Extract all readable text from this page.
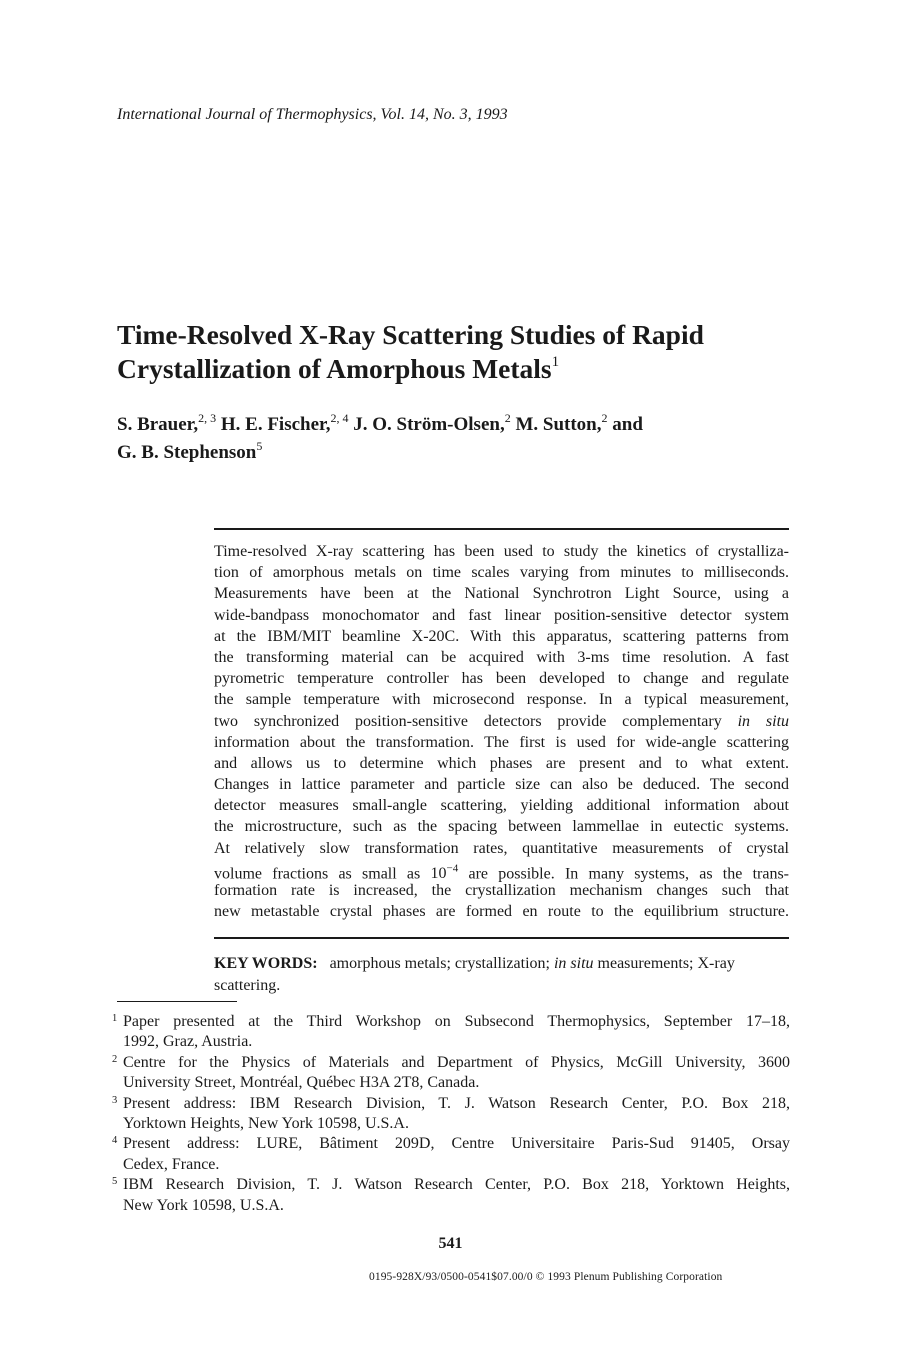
International Journal of Thermophysics, Vol. 14, No. 3, 1993
Time-Resolved X-Ray Scattering Studies of Rapid
Crystallization of Amorphous Metals$^1$
S. Brauer,$^{2, 3}$ H. E. Fischer,$^{2, 4}$ J. O. Ström-Olsen,$^2$ M. Sutton,$^2$ and
G. B. Stephenson$^5$
Time-resolved X-ray scattering has been used to study the kinetics of crystalliza-
tion of amorphous metals on time scales varying from minutes to milliseconds.
Measurements have been at the National Synchrotron Light Source, using a
wide-bandpass monochomator and fast linear position-sensitive detector system
at the IBM/MIT beamline X-20C. With this apparatus, scattering patterns from
the transforming material can be acquired with 3-ms time resolution. A fast
pyrometric temperature controller has been developed to change and regulate
the sample temperature with microsecond response. In a typical measurement,
two synchronized position-sensitive detectors provide complementary in situ
information about the transformation. The first is used for wide-angle scattering
and allows us to determine which phases are present and to what extent.
Changes in lattice parameter and particle size can also be deduced. The second
detector measures small-angle scattering, yielding additional information about
the microstructure, such as the spacing between lammellae in eutectic systems.
At relatively slow transformation rates, quantitative measurements of crystal
volume fractions as small as $10^{-4}$ are possible. In many systems, as the trans-
formation rate is increased, the crystallization mechanism changes such that
new metastable crystal phases are formed en route to the equilibrium structure.
KEY WORDS: amorphous metals; crystallization; in situ measurements; X-ray
scattering.
1 Paper presented at the Third Workshop on Subsecond Thermophysics, September 17–18,
1992, Graz, Austria.
2 Centre for the Physics of Materials and Department of Physics, McGill University, 3600
University Street, Montréal, Québec H3A 2T8, Canada.
3 Present address: IBM Research Division, T. J. Watson Research Center, P.O. Box 218,
Yorktown Heights, New York 10598, U.S.A.
4 Present address: LURE, Bâtiment 209D, Centre Universitaire Paris-Sud 91405, Orsay
Cedex, France.
5 IBM Research Division, T. J. Watson Research Center, P.O. Box 218, Yorktown Heights,
New York 10598, U.S.A.
541
0195-928X/93/0500-0541$07.00/0 © 1993 Plenum Publishing Corporation
